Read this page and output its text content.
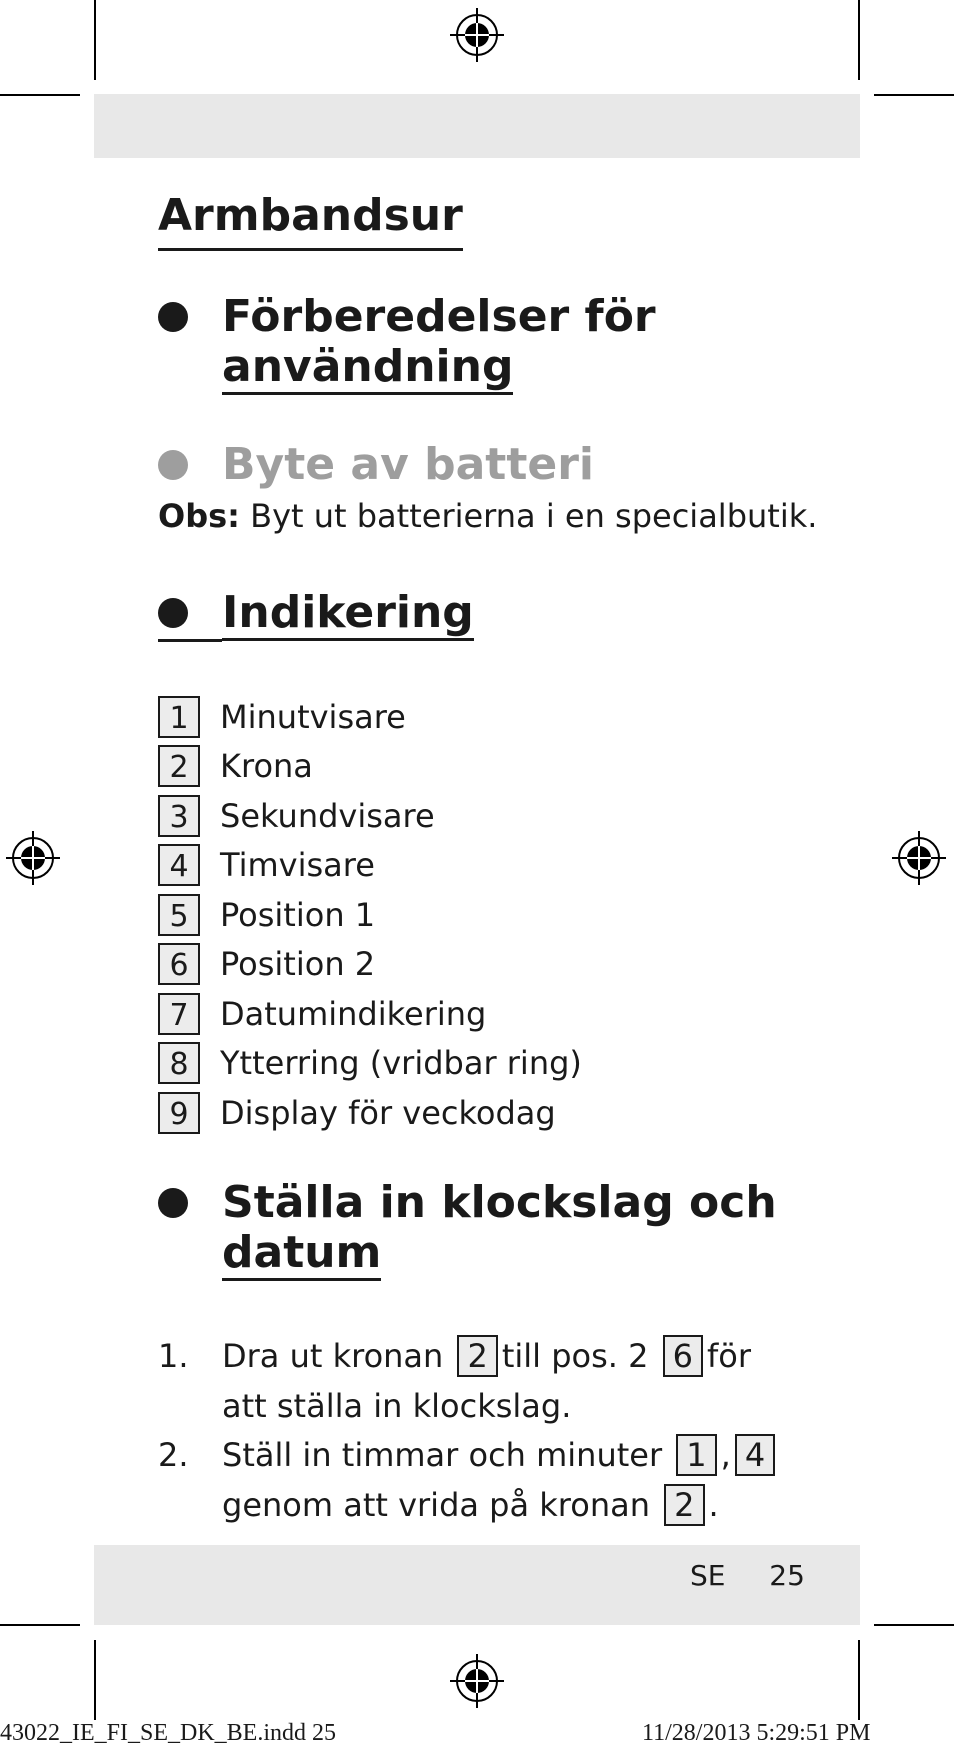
Armbandsur
Förberedelser för
användning
Byte av batteri
Obs: Byt ut batterierna i en specialbutik.
Indikering
1 Minutvisare
2 Krona
3 Sekundvisare
4 Timvisare
5 Position 1
6 Position 2
7 Datumindikering
8 Ytterring (vridbar ring)
9 Display för veckodag
Ställa in klockslag och
datum
1. Dra ut kronan 2 till pos. 2 6 för
att ställa in klockslag.
2. Ställ in timmar och minuter 1 , 4
genom att vrida på kronan 2 .
SE 25
43022_IE_FI_SE_DK_BE.indd 25	11/28/2013 5:29:51 PM
